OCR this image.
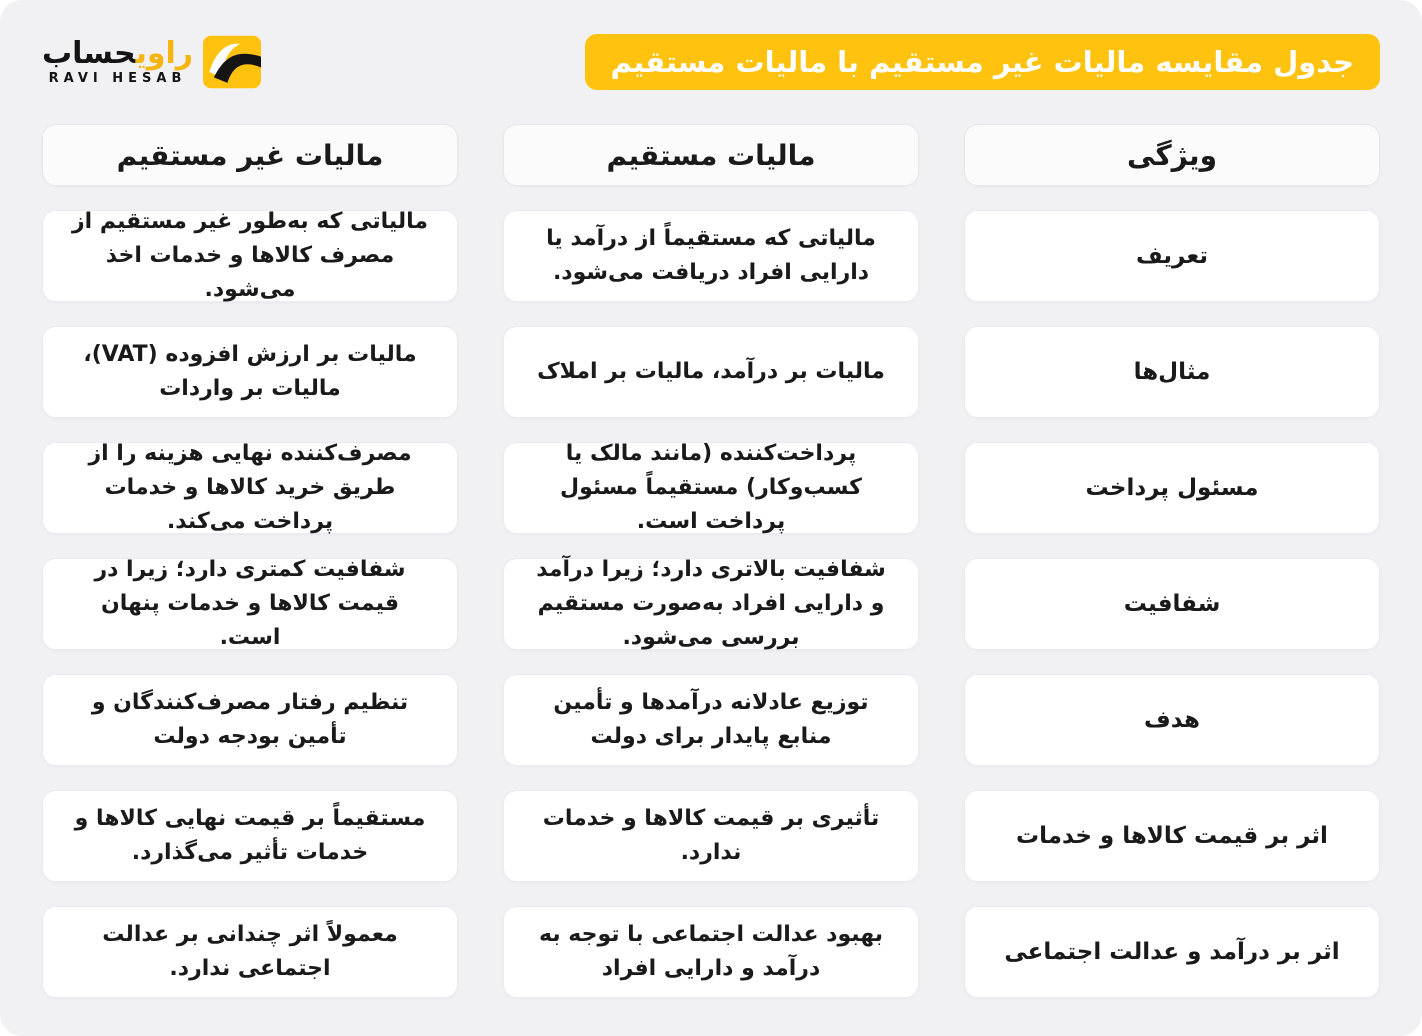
راویحساب
RAVI HESAB	جدول مقایسه مالیات غیر مستقیم با مالیات مستقیم
ویژگی
مالیات مستقیم
مالیات غیر مستقیم
تعریف
مالیاتی که مستقیماً از درآمد یا دارایی افراد دریافت می‌شود.
مالیاتی که به‌طور غیر مستقیم از مصرف کالاها و خدمات اخذ می‌شود.
مثال‌ها
مالیات بر درآمد، مالیات بر املاک
مالیات بر ارزش افزوده (VAT)، مالیات بر واردات
مسئول پرداخت
پرداخت‌کننده (مانند مالک یا کسب‌وکار) مستقیماً مسئول پرداخت است.
مصرف‌کننده نهایی هزینه را از طریق خرید کالاها و خدمات پرداخت می‌کند.
شفافیت
شفافیت بالاتری دارد؛ زیرا درآمد و دارایی افراد به‌صورت مستقیم بررسی می‌شود.
شفافیت کمتری دارد؛ زیرا در قیمت کالاها و خدمات پنهان است.
هدف
توزیع عادلانه درآمدها و تأمین منابع پایدار برای دولت
تنظیم رفتار مصرف‌کنندگان و تأمین بودجه دولت
اثر بر قیمت کالاها و خدمات
تأثیری بر قیمت کالاها و خدمات ندارد.
مستقیماً بر قیمت نهایی کالاها و خدمات تأثیر می‌گذارد.
اثر بر درآمد و عدالت اجتماعی
بهبود عدالت اجتماعی با توجه به درآمد و دارایی افراد
معمولاً اثر چندانی بر عدالت اجتماعی ندارد.
